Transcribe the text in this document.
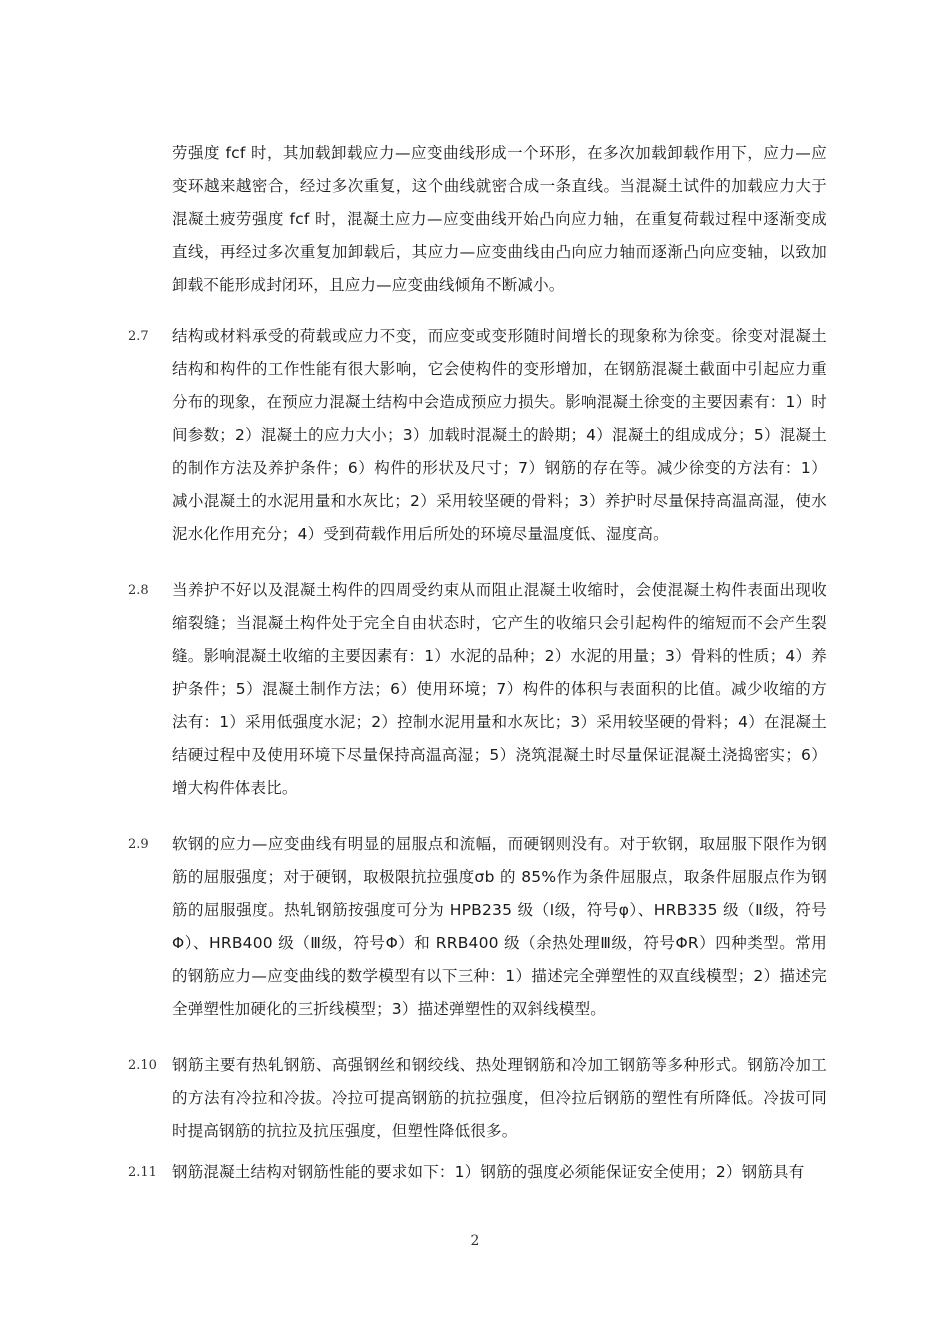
劳强度 fcf 时，其加载卸载应力—应变曲线形成一个环形，在多次加载卸载作用下，应力—应变环越来越密合，经过多次重复，这个曲线就密合成一条直线。当混凝土试件的加载应力大于混凝土疲劳强度 fcf 时，混凝土应力—应变曲线开始凸向应力轴，在重复荷载过程中逐渐变成直线，再经过多次重复加卸载后，其应力—应变曲线由凸向应力轴而逐渐凸向应变轴，以致加卸载不能形成封闭环，且应力—应变曲线倾角不断减小。
2.7 结构或材料承受的荷载或应力不变，而应变或变形随时间增长的现象称为徐变。徐变对混凝土结构和构件的工作性能有很大影响，它会使构件的变形增加，在钢筋混凝土截面中引起应力重分布的现象，在预应力混凝土结构中会造成预应力损失。影响混凝土徐变的主要因素有：1）时间参数；2）混凝土的应力大小；3）加载时混凝土的龄期；4）混凝土的组成成分；5）混凝土的制作方法及养护条件；6）构件的形状及尺寸；7）钢筋的存在等。减少徐变的方法有：1）减小混凝土的水泥用量和水灰比；2）采用较坚硬的骨料；3）养护时尽量保持高温高湿，使水泥水化作用充分；4）受到荷载作用后所处的环境尽量温度低、湿度高。
2.8 当养护不好以及混凝土构件的四周受约束从而阻止混凝土收缩时，会使混凝土构件表面出现收缩裂缝；当混凝土构件处于完全自由状态时，它产生的收缩只会引起构件的缩短而不会产生裂缝。影响混凝土收缩的主要因素有：1）水泥的品种；2）水泥的用量；3）骨料的性质；4）养护条件；5）混凝土制作方法；6）使用环境；7）构件的体积与表面积的比值。减少收缩的方法有：1）采用低强度水泥；2）控制水泥用量和水灰比；3）采用较坚硬的骨料；4）在混凝土结硬过程中及使用环境下尽量保持高温高湿；5）浇筑混凝土时尽量保证混凝土浇捣密实；6）增大构件体表比。
2.9 软钢的应力—应变曲线有明显的屈服点和流幅，而硬钢则没有。对于软钢，取屈服下限作为钢筋的屈服强度；对于硬钢，取极限抗拉强度σb 的 85%作为条件屈服点，取条件屈服点作为钢筋的屈服强度。热轧钢筋按强度可分为 HPB235 级（Ⅰ级，符号φ）、HRB335 级（Ⅱ级，符号Φ）、HRB400 级（Ⅲ级，符号Φ）和 RRB400 级（余热处理Ⅲ级，符号ΦR）四种类型。常用的钢筋应力—应变曲线的数学模型有以下三种：1）描述完全弹塑性的双直线模型；2）描述完全弹塑性加硬化的三折线模型；3）描述弹塑性的双斜线模型。
2.10 钢筋主要有热轧钢筋、高强钢丝和钢绞线、热处理钢筋和冷加工钢筋等多种形式。钢筋冷加工的方法有冷拉和冷拔。冷拉可提高钢筋的抗拉强度，但冷拉后钢筋的塑性有所降低。冷拔可同时提高钢筋的抗拉及抗压强度，但塑性降低很多。
2.11 钢筋混凝土结构对钢筋性能的要求如下：1）钢筋的强度必须能保证安全使用；2）钢筋具有
2
